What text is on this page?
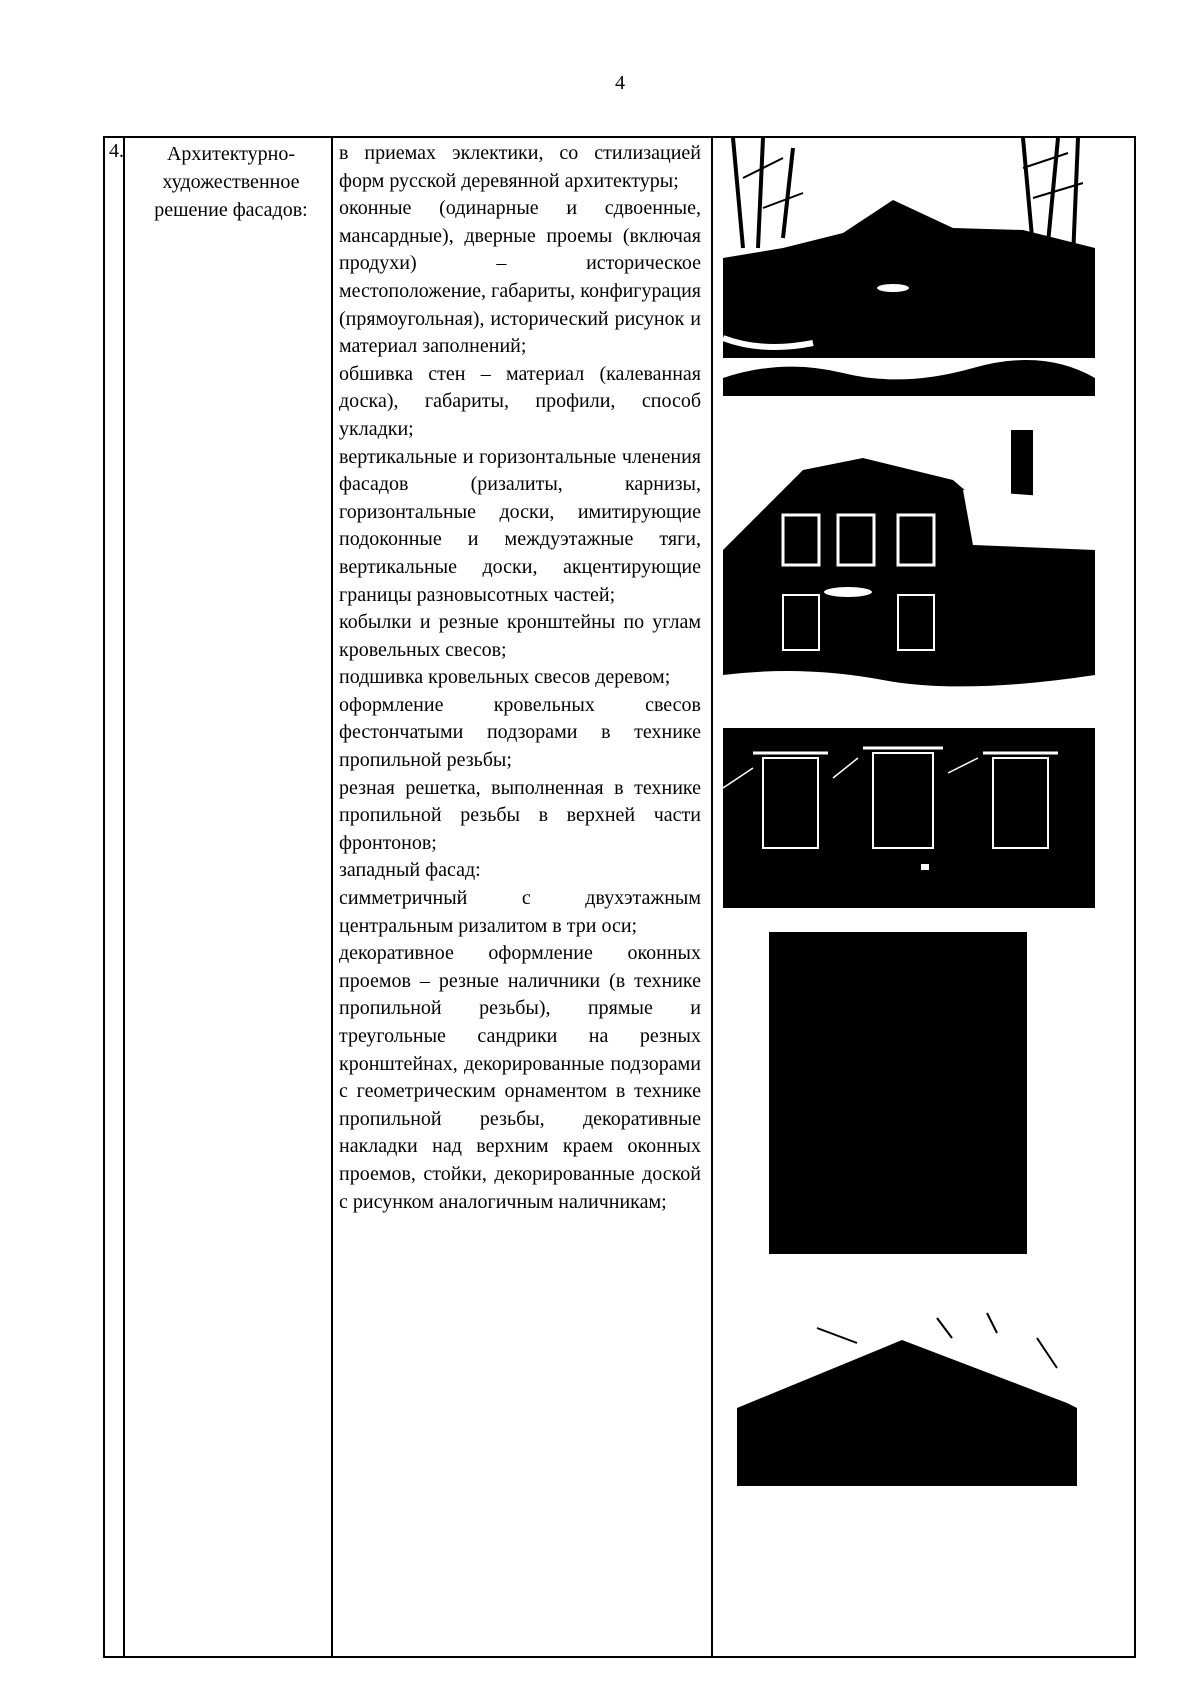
4
4.	Архитектурно-художественное решение фасадов:

в приемах эклектики, со стилизацией форм русской деревянной архитектуры;

оконные (одинарные и сдвоенные, мансардные), дверные проемы (включая продухи) – историческое местоположение, габариты, конфигурация (прямоугольная), исторический рисунок и материал заполнений;

обшивка стен – материал (калеванная доска), габариты, профили, способ укладки;

вертикальные и горизонтальные членения фасадов (ризалиты, карнизы, горизонтальные доски, имитирующие подоконные и междуэтажные тяги, вертикальные доски, акцентирующие границы разновысотных частей;

кобылки и резные кронштейны по углам кровельных свесов;

подшивка кровельных свесов деревом;

оформление кровельных свесов фестончатыми подзорами в технике пропильной резьбы;

резная решетка, выполненная в технике пропильной резьбы в верхней части фронтонов;

западный фасад:

симметричный с двухэтажным центральным ризалитом в три оси;

декоративное оформление оконных проемов – резные наличники (в технике пропильной резьбы), прямые и треугольные сандрики на резных кронштейнах, декорированные подзорами с геометрическим орнаментом в технике пропильной резьбы, декоративные накладки над верхним краем оконных проемов, стойки, декорированные доской с рисунком аналогичным наличникам;
